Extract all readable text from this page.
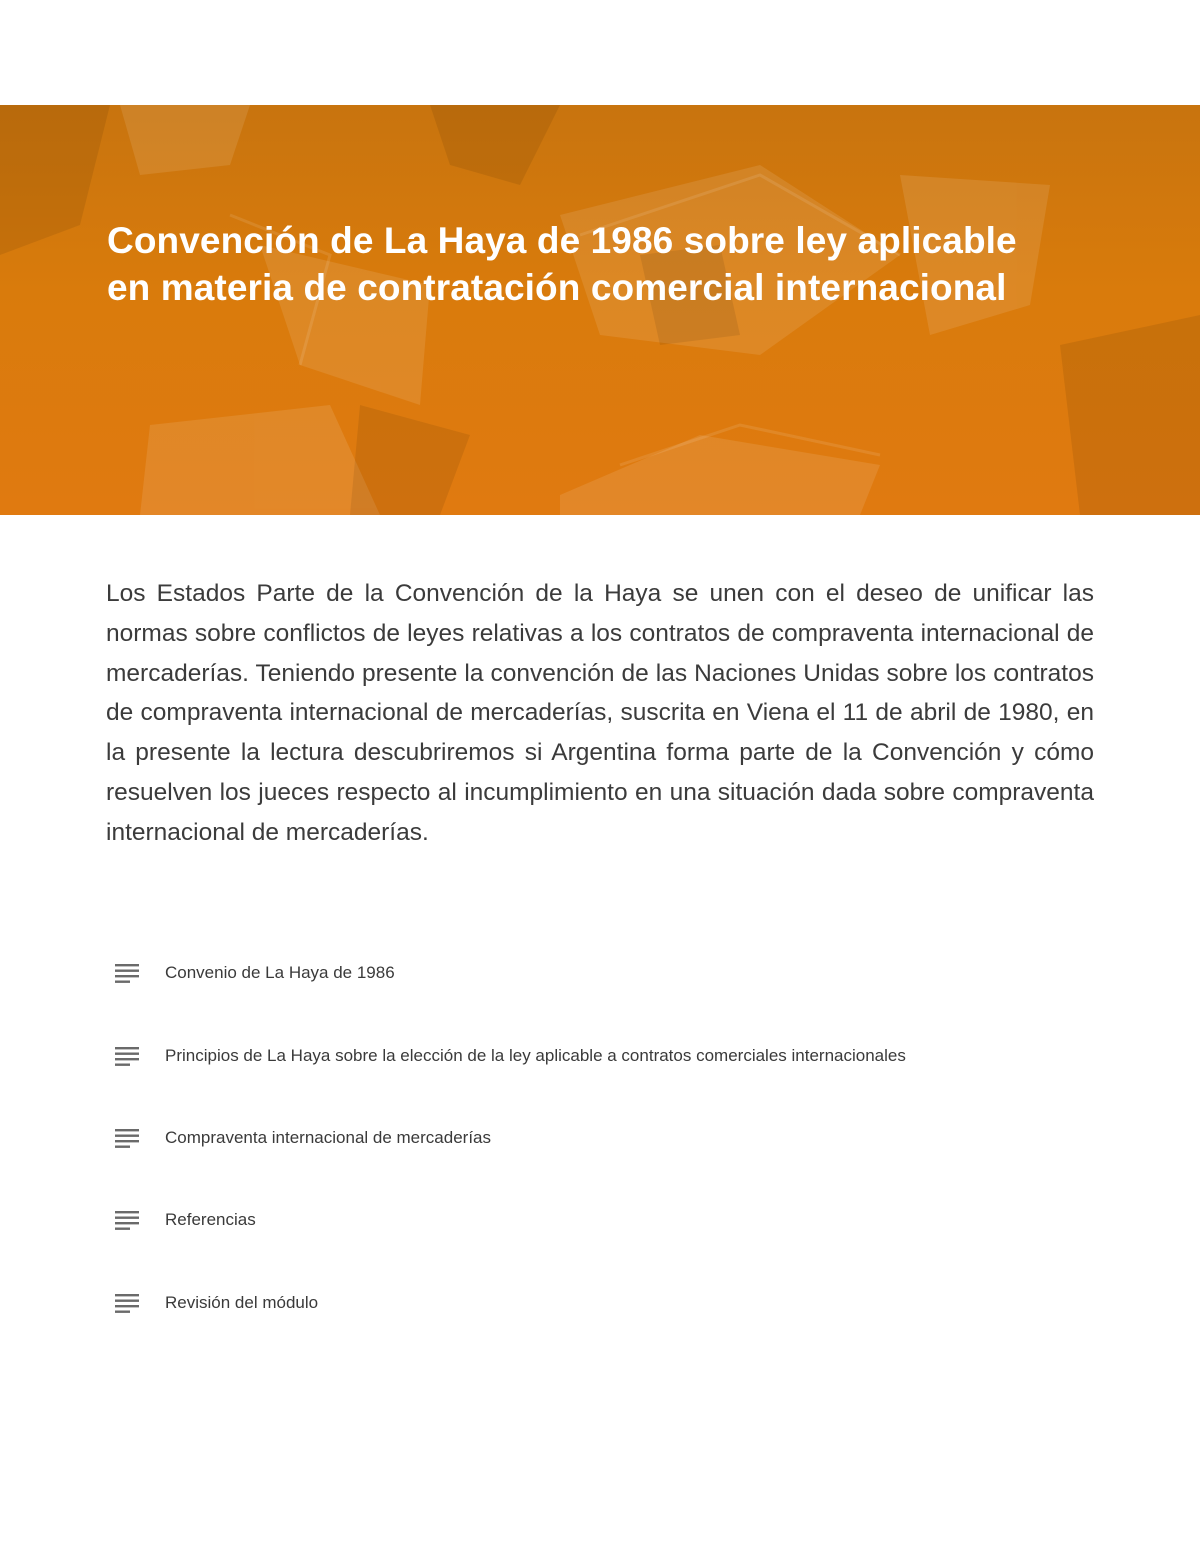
Convención de La Haya de 1986 sobre ley aplicable
en materia de contratación comercial internacional

Los Estados Parte de la Convención de la Haya se unen con el deseo de unificar las normas sobre conflictos de leyes relativas a los contratos de compraventa internacional de mercaderías. Teniendo presente la convención de las Naciones Unidas sobre los contratos de compraventa internacional de mercaderías, suscrita en Viena el 11 de abril de 1980, en la presente la lectura descubriremos si Argentina forma parte de la Convención y cómo resuelven los jueces respecto al incumplimiento en una situación dada sobre compraventa internacional de mercaderías.

Convenio de La Haya de 1986
Principios de La Haya sobre la elección de la ley aplicable a contratos comerciales internacionales
Compraventa internacional de mercaderías
Referencias
Revisión del módulo
